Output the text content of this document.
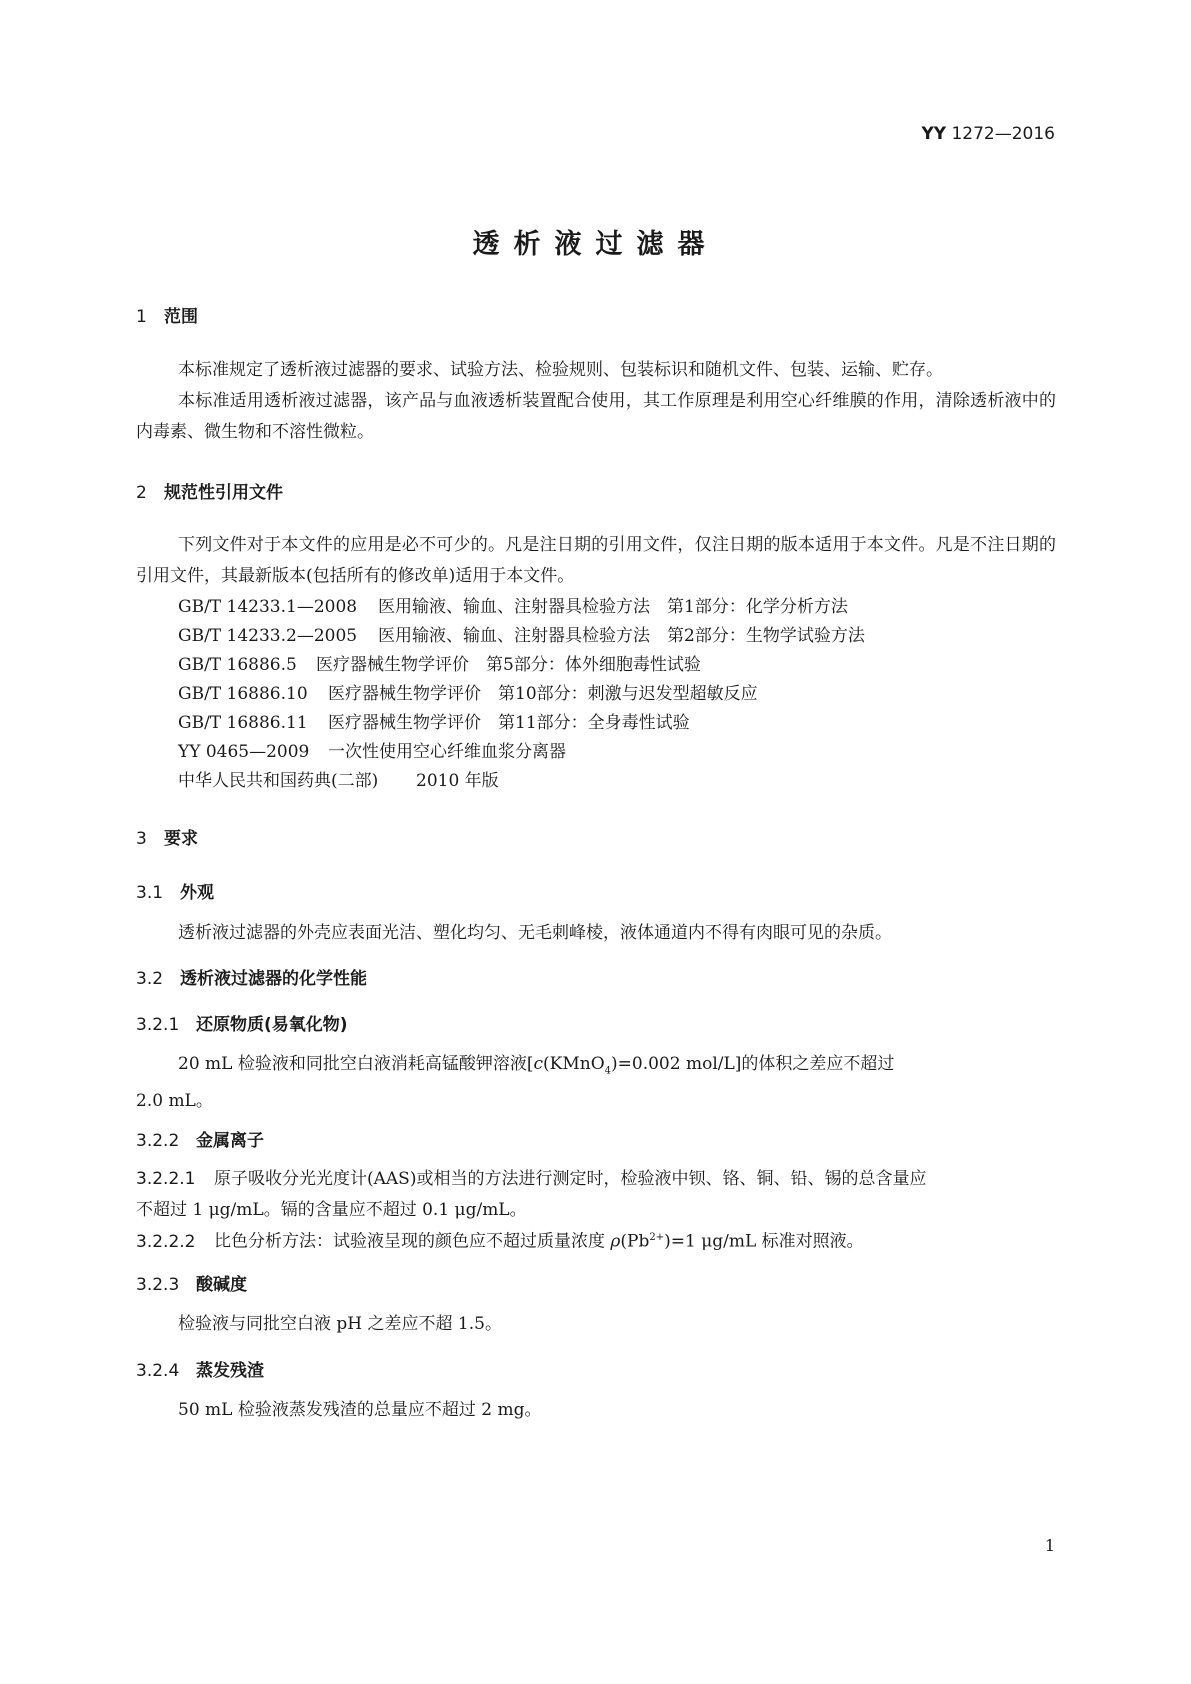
YY 1272—2016
透析液过滤器
1 范围
本标准规定了透析液过滤器的要求、试验方法、检验规则、包装标识和随机文件、包装、运输、贮存。
本标准适用透析液过滤器，该产品与血液透析装置配合使用，其工作原理是利用空心纤维膜的作用，清除透析液中的内毒素、微生物和不溶性微粒。
2 规范性引用文件
下列文件对于本文件的应用是必不可少的。凡是注日期的引用文件，仅注日期的版本适用于本文件。凡是不注日期的引用文件，其最新版本(包括所有的修改单)适用于本文件。
GB/T 14233.1—2008 医用输液、输血、注射器具检验方法　第1部分：化学分析方法
GB/T 14233.2—2005 医用输液、输血、注射器具检验方法　第2部分：生物学试验方法
GB/T 16886.5 医疗器械生物学评价　第5部分：体外细胞毒性试验
GB/T 16886.10 医疗器械生物学评价　第10部分：刺激与迟发型超敏反应
GB/T 16886.11 医疗器械生物学评价　第11部分：全身毒性试验
YY 0465—2009 一次性使用空心纤维血浆分离器
中华人民共和国药典(二部) 2010 年版
3 要求
3.1 外观
透析液过滤器的外壳应表面光洁、塑化均匀、无毛刺峰棱，液体通道内不得有肉眼可见的杂质。
3.2 透析液过滤器的化学性能
3.2.1 还原物质(易氧化物)
20 mL 检验液和同批空白液消耗高锰酸钾溶液[c(KMnO$_4$)=0.002 mol/L]的体积之差应不超过
2.0 mL。
3.2.2 金属离子
3.2.2.1 原子吸收分光光度计(AAS)或相当的方法进行测定时，检验液中钡、铬、铜、铅、锡的总含量应
不超过 1 μg/mL。镉的含量应不超过 0.1 μg/mL。
3.2.2.2 比色分析方法：试验液呈现的颜色应不超过质量浓度 $\rho(Pb^{2+})=1$ μg/mL 标准对照液。
3.2.3 酸碱度
检验液与同批空白液 pH 之差应不超 1.5。
3.2.4 蒸发残渣
50 mL 检验液蒸发残渣的总量应不超过 2 mg。
1
